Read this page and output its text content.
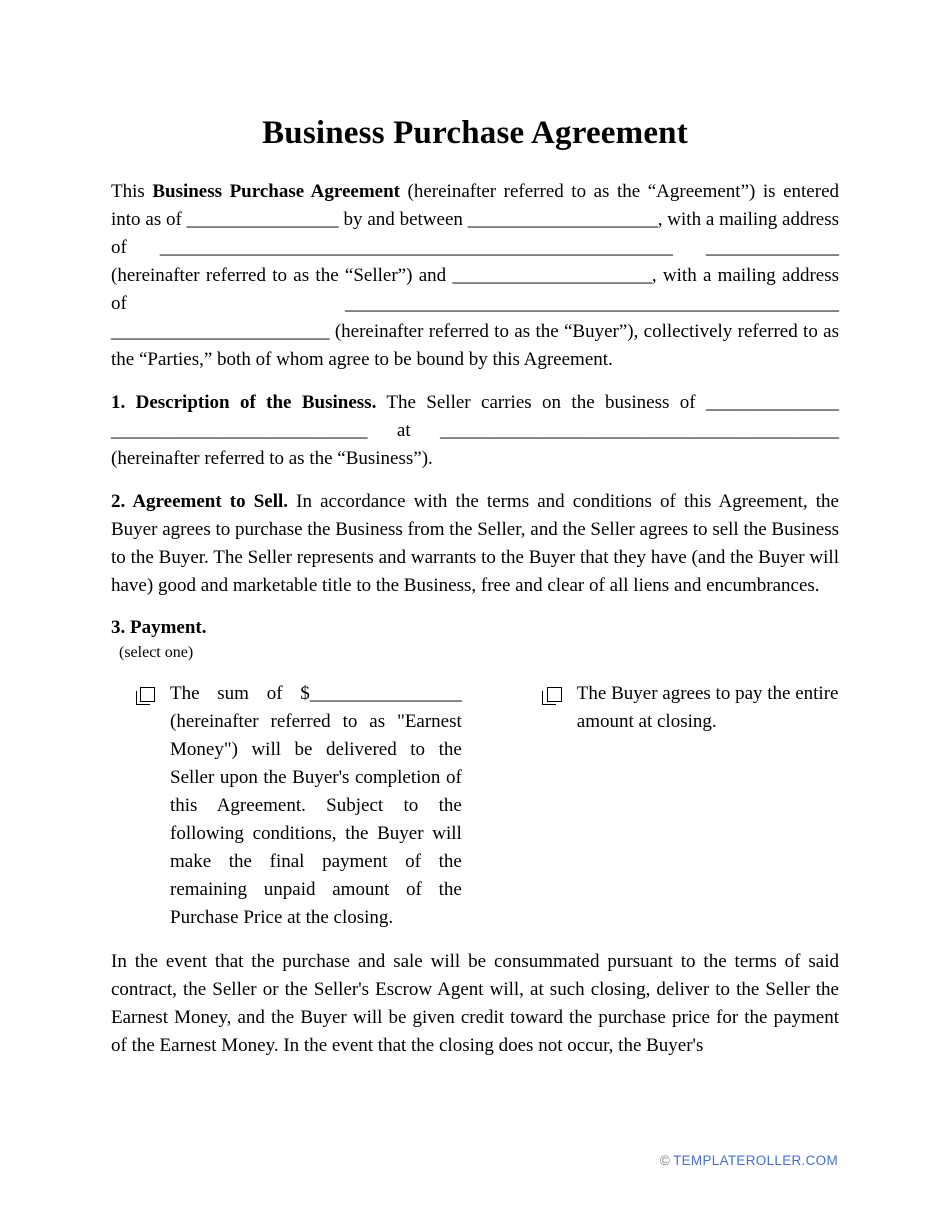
Business Purchase Agreement

This Business Purchase Agreement (hereinafter referred to as the “Agreement”) is entered into as of ________________ by and between ____________________, with a mailing address of ______________________________________________________ ______________ (hereinafter referred to as the “Seller”) and _____________________, with a mailing address of ____________________________________________________ _______________________ (hereinafter referred to as the “Buyer”), collectively referred to as the “Parties,” both of whom agree to be bound by this Agreement.

1. Description of the Business. The Seller carries on the business of ______________ ___________________________ at __________________________________________ (hereinafter referred to as the “Business”).

2. Agreement to Sell. In accordance with the terms and conditions of this Agreement, the Buyer agrees to purchase the Business from the Seller, and the Seller agrees to sell the Business to the Buyer. The Seller represents and warrants to the Buyer that they have (and the Buyer will have) good and marketable title to the Business, free and clear of all liens and encumbrances.

3. Payment.

(select one)

The sum of $________________ (hereinafter referred to as "Earnest Money") will be delivered to the Seller upon the Buyer's completion of this Agreement. Subject to the following conditions, the Buyer will make the final payment of the remaining unpaid amount of the Purchase Price at the closing.
The Buyer agrees to pay the entire amount at closing.

In the event that the purchase and sale will be consummated pursuant to the terms of said contract, the Seller or the Seller's Escrow Agent will, at such closing, deliver to the Seller the Earnest Money, and the Buyer will be given credit toward the purchase price for the payment of the Earnest Money. In the event that the closing does not occur, the Buyer's

© TEMPLATEROLLER.COM
